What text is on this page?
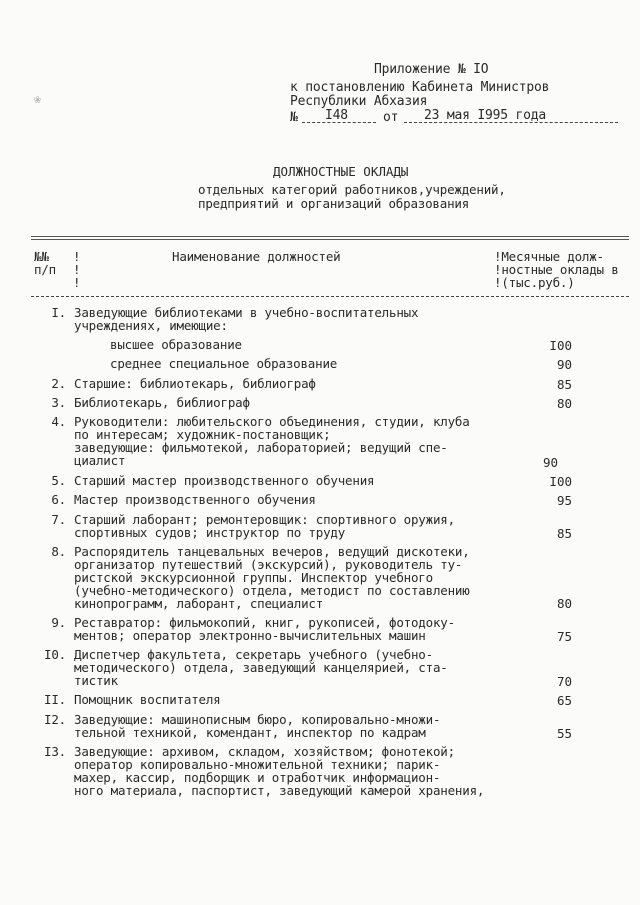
❀
Приложение № IO
к постановлению Кабинета Министров
Республики Абхазия
№ I48	от 23 мая I995 года
ДОЛЖНОСТНЫЕ ОКЛАДЫ
отдельных категорий работников,учреждений,
предприятий и организаций образования
№№
п/п
!
!
!
Наименование должностей	!Месячные долж-
!ностные оклады в
!(тыс.руб.)
I. Заведующие библиотеками в учебно-воспитательных
учреждениях, имеющие:
высшее образование	I00
среднее специальное образование	90
2. Старшие: библиотекарь, библиограф	85
3. Библиотекарь, библиограф	80
4. Руководители: любительского объединения, студии, клуба
по интересам; художник-постановщик;
заведующие: фильмотекой, лабораторией; ведущий спе-
циалист	90
5. Старший мастер производственного обучения	I00
6. Мастер производственного обучения	95
7. Старший лаборант; ремонтеровщик: спортивного оружия,
спортивных судов; инструктор по труду	85
8. Распорядитель танцевальных вечеров, ведущий дискотеки,
организатор путешествий (экскурсий), руководитель ту-
ристской экскурсионной группы. Инспектор учебного
(учебно-методического) отдела, методист по составлению
кинопрограмм, лаборант, специалист	80
9. Реставратор: фильмокопий, книг, рукописей, фотодоку-
ментов; оператор электронно-вычислительных машин	75
I0. Диспетчер факультета, секретарь учебного (учебно-
методического) отдела, заведующий канцелярией, ста-
тистик	70
II. Помощник воспитателя	65
I2. Заведующие: машинописным бюро, копировально-множи-
тельной техникой, комендант, инспектор по кадрам	55
I3. Заведующие: архивом, складом, хозяйством; фонотекой;
оператор копировально-множительной техники; парик-
махер, кассир, подборщик и отработчик информацион-
ного материала, паспортист, заведующий камерой хранения,
